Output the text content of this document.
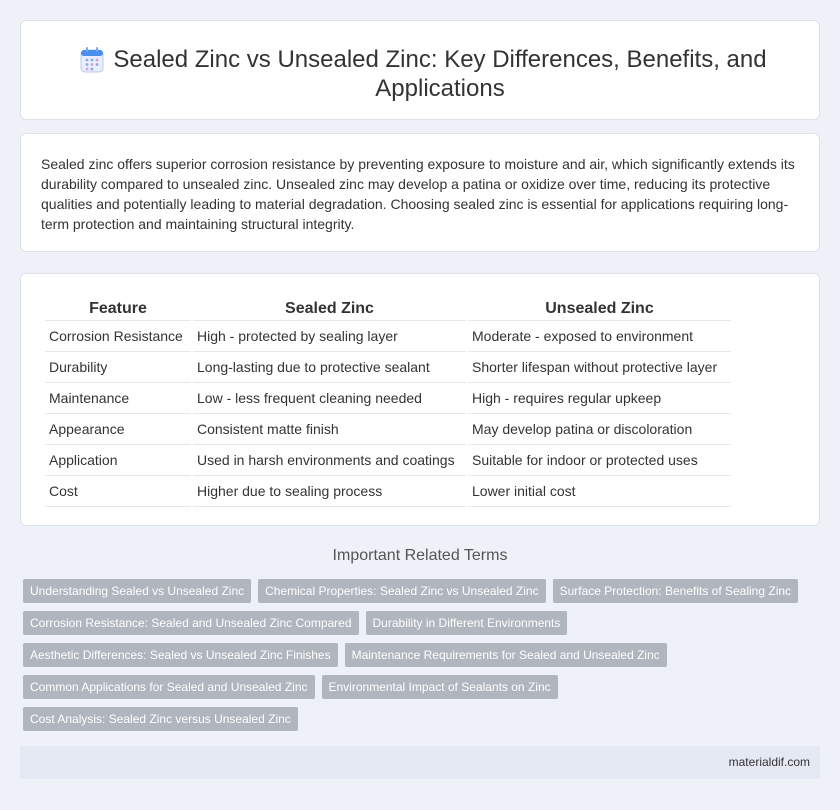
Sealed Zinc vs Unsealed Zinc: Key Differences, Benefits, and Applications

Sealed zinc offers superior corrosion resistance by preventing exposure to moisture and air, which significantly extends its durability compared to unsealed zinc. Unsealed zinc may develop a patina or oxidize over time, reducing its protective qualities and potentially leading to material degradation. Choosing sealed zinc is essential for applications requiring long-term protection and maintaining structural integrity.

Feature	Sealed Zinc	Unsealed Zinc
Corrosion Resistance	High - protected by sealing layer	Moderate - exposed to environment
Durability	Long-lasting due to protective sealant	Shorter lifespan without protective layer
Maintenance	Low - less frequent cleaning needed	High - requires regular upkeep
Appearance	Consistent matte finish	May develop patina or discoloration
Application	Used in harsh environments and coatings	Suitable for indoor or protected uses
Cost	Higher due to sealing process	Lower initial cost
Important Related Terms
Understanding Sealed vs Unsealed Zinc	Chemical Properties: Sealed Zinc vs Unsealed Zinc	Surface Protection: Benefits of Sealing Zinc
Corrosion Resistance: Sealed and Unsealed Zinc Compared	Durability in Different Environments
Aesthetic Differences: Sealed vs Unsealed Zinc Finishes	Maintenance Requirements for Sealed and Unsealed Zinc
Common Applications for Sealed and Unsealed Zinc	Environmental Impact of Sealants on Zinc
Cost Analysis: Sealed Zinc versus Unsealed Zinc
materialdif.com
